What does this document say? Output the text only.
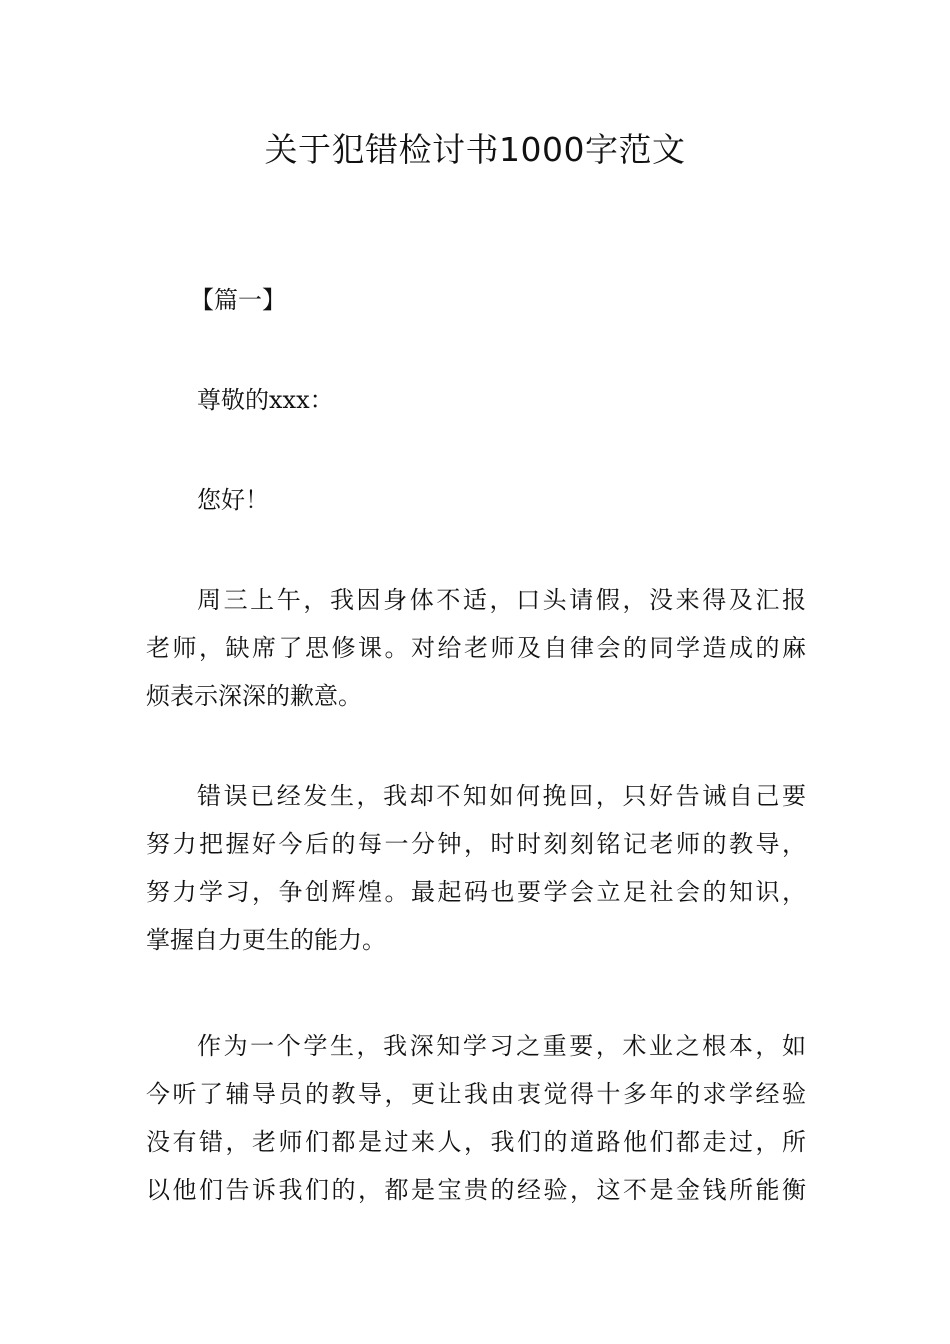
关于犯错检讨书1000字范文

【篇一】

尊敬的xxx：

您好！

周三上午，我因身体不适，口头请假，没来得及汇报
老师，缺席了思修课。对给老师及自律会的同学造成的麻
烦表示深深的歉意。

错误已经发生，我却不知如何挽回，只好告诫自己要
努力把握好今后的每一分钟，时时刻刻铭记老师的教导，
努力学习，争创辉煌。最起码也要学会立足社会的知识，
掌握自力更生的能力。

作为一个学生，我深知学习之重要，术业之根本，如
今听了辅导员的教导，更让我由衷觉得十多年的求学经验
没有错，老师们都是过来人，我们的道路他们都走过，所
以他们告诉我们的，都是宝贵的经验，这不是金钱所能衡
